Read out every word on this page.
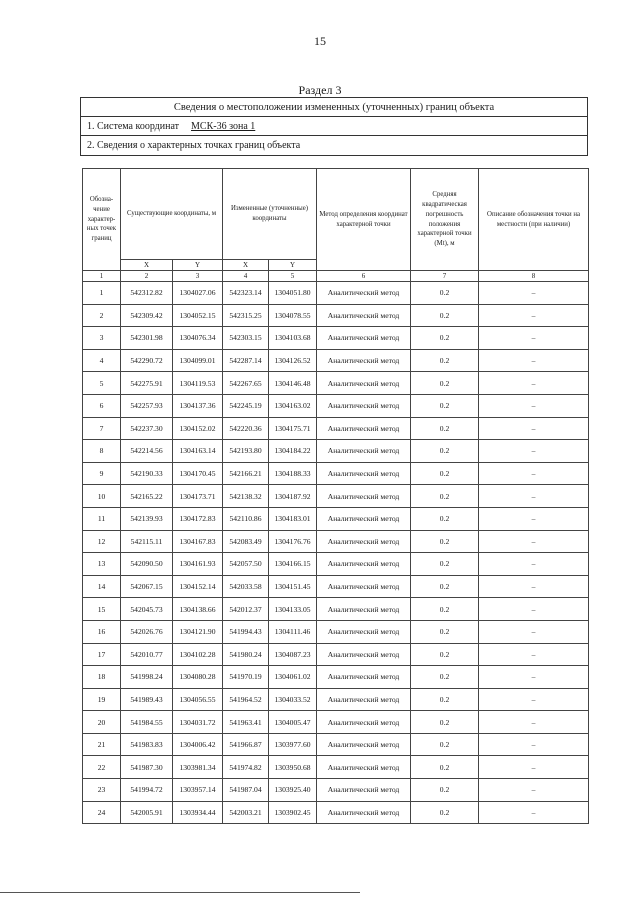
15
Раздел 3
Сведения о местоположении измененных (уточненных) границ объекта
1. Система координат МСК-36 зона 1
2. Сведения о характерных точках границ объекта
Обозна-чение характер-ных точек границ	Существующие координаты, м		Измененные (уточненные) координаты		Метод определения координат характерной точки	Средняя квадратическая погрешность положения характерной точки (Mt), м	Описание обозначения точки на местности (при наличии)
	X	Y	X	Y			
1	2	3	4	5	6	7	8
1	542312.82	1304027.06	542323.14	1304051.80	Аналитический метод	0.2	–
2	542309.42	1304052.15	542315.25	1304078.55	Аналитический метод	0.2	–
3	542301.98	1304076.34	542303.15	1304103.68	Аналитический метод	0.2	–
4	542290.72	1304099.01	542287.14	1304126.52	Аналитический метод	0.2	–
5	542275.91	1304119.53	542267.65	1304146.48	Аналитический метод	0.2	–
6	542257.93	1304137.36	542245.19	1304163.02	Аналитический метод	0.2	–
7	542237.30	1304152.02	542220.36	1304175.71	Аналитический метод	0.2	–
8	542214.56	1304163.14	542193.80	1304184.22	Аналитический метод	0.2	–
9	542190.33	1304170.45	542166.21	1304188.33	Аналитический метод	0.2	–
10	542165.22	1304173.71	542138.32	1304187.92	Аналитический метод	0.2	–
11	542139.93	1304172.83	542110.86	1304183.01	Аналитический метод	0.2	–
12	542115.11	1304167.83	542083.49	1304176.76	Аналитический метод	0.2	–
13	542090.50	1304161.93	542057.50	1304166.15	Аналитический метод	0.2	–
14	542067.15	1304152.14	542033.58	1304151.45	Аналитический метод	0.2	–
15	542045.73	1304138.66	542012.37	1304133.05	Аналитический метод	0.2	–
16	542026.76	1304121.90	541994.43	1304111.46	Аналитический метод	0.2	–
17	542010.77	1304102.28	541980.24	1304087.23	Аналитический метод	0.2	–
18	541998.24	1304080.28	541970.19	1304061.02	Аналитический метод	0.2	–
19	541989.43	1304056.55	541964.52	1304033.52	Аналитический метод	0.2	–
20	541984.55	1304031.72	541963.41	1304005.47	Аналитический метод	0.2	–
21	541983.83	1304006.42	541966.87	1303977.60	Аналитический метод	0.2	–
22	541987.30	1303981.34	541974.82	1303950.68	Аналитический метод	0.2	–
23	541994.72	1303957.14	541987.04	1303925.40	Аналитический метод	0.2	–
24	542005.91	1303934.44	542003.21	1303902.45	Аналитический метод	0.2	–
